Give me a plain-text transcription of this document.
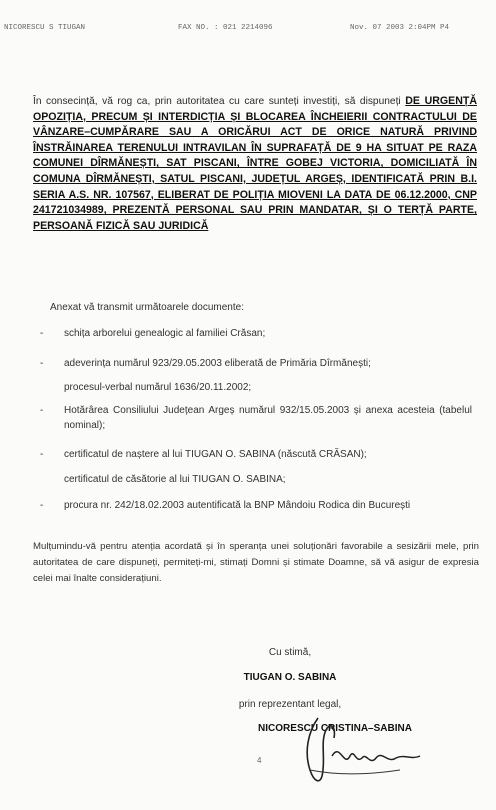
NICORESCU S TIUGAN	FAX NO. : 021 2214096	Nov. 07 2003 2:04PM P4
În consecință, vă rog ca, prin autoritatea cu care sunteți investiți, să dispuneți DE URGENȚĂ OPOZIȚIA, PRECUM ȘI INTERDICȚIA ȘI BLOCAREA ÎNCHEIERII CONTRACTULUI DE VÂNZARE–CUMPĂRARE SAU A ORICĂRUI ACT DE ORICE NATURĂ PRIVIND ÎNSTRĂINAREA TERENULUI INTRAVILAN ÎN SUPRAFAȚĂ DE 9 HA SITUAT PE RAZA COMUNEI DÎRMĂNEȘTI, SAT PISCANI, ÎNTRE GOBEJ VICTORIA, DOMICILIATĂ ÎN COMUNA DÎRMĂNEȘTI, SATUL PISCANI, JUDEȚUL ARGEȘ, IDENTIFICATĂ PRIN B.I. SERIA A.S. NR. 107567, ELIBERAT DE POLIȚIA MIOVENI LA DATA DE 06.12.2000, CNP 241721034989, PREZENTĂ PERSONAL SAU PRIN MANDATAR, ȘI O TERȚĂ PARTE, PERSOANĂ FIZICĂ SAU JURIDICĂ
Anexat vă transmit următoarele documente:
- schița arborelui genealogic al familiei Crăsan;
- adeverința numărul 923/29.05.2003 eliberată de Primăria Dîrmănești;
procesul-verbal numărul 1636/20.11.2002;
- Hotărârea Consiliului Județean Argeș numărul 932/15.05.2003 și anexa acesteia (tabelul nominal);
- certificatul de naștere al lui TIUGAN O. SABINA (născută CRĂSAN);
certificatul de căsătorie al lui TIUGAN O. SABINA;
- procura nr. 242/18.02.2003 autentificată la BNP Mândoiu Rodica din București
Mulțumindu-vă pentru atenția acordată și în speranța unei soluționări favorabile a sesizării mele, prin autoritatea de care dispuneți, permiteți-mi, stimați Domni și stimate Doamne, să vă asigur de expresia celei mai înalte considerațiuni.
Cu stimă,
TIUGAN O. SABINA
prin reprezentant legal,
NICORESCU CRISTINA–SABINA
4
